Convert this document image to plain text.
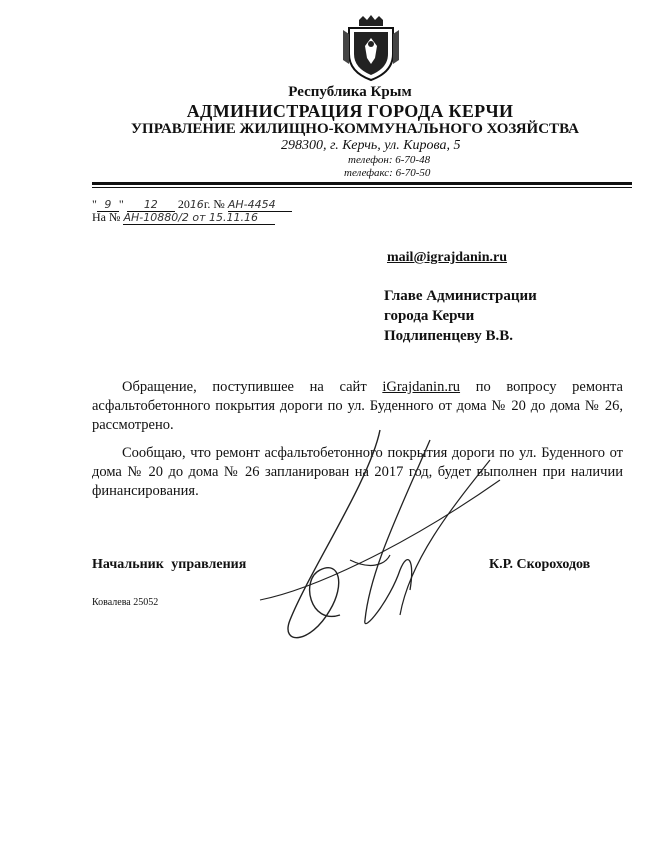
Республика Крым
АДМИНИСТРАЦИЯ ГОРОДА КЕРЧИ
УПРАВЛЕНИЕ ЖИЛИЩНО-КОММУНАЛЬНОГО ХОЗЯЙСТВА
298300, г. Керчь, ул. Кирова, 5
телефон: 6-70-48
телефакс: 6-70-50
" 9 " 12 2016г. № АН-4454
На № АН-10880/2 от 15.11.16
mail@igrajdanin.ru
Главе Администрации
города Керчи
Подлипенцеву В.В.

Обращение, поступившее на сайт iGrajdanin.ru по вопросу ремонта асфальтобетонного покрытия дороги по ул. Буденного от дома № 20 до дома № 26, рассмотрено.

Сообщаю, что ремонт асфальтобетонного покрытия дороги по ул. Буденного от дома № 20 до дома № 26 запланирован на 2017 год, будет выполнен при наличии финансирования.

Начальник управления	К.Р. Скороходов
Ковалева 25052
